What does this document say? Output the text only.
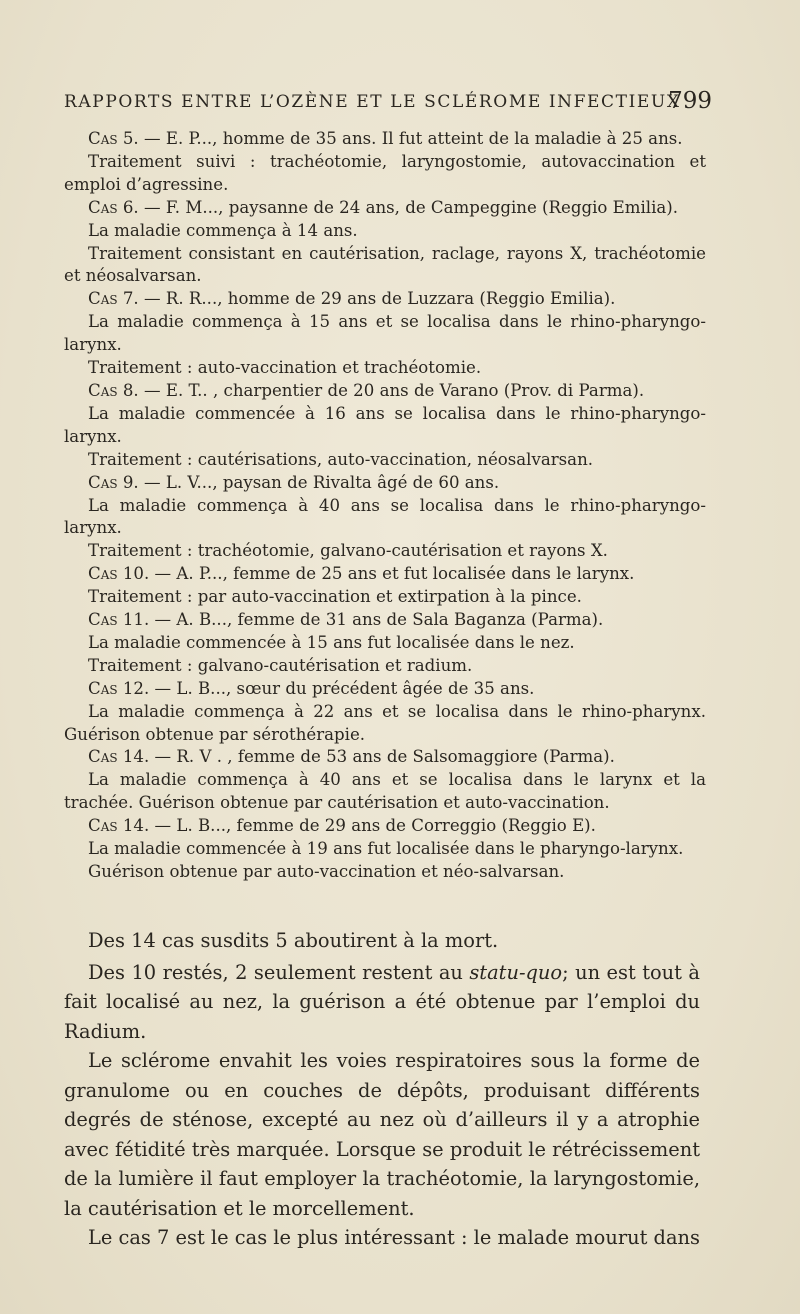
RAPPORTS ENTRE L’OZÈNE ET LE SCLÉROME INFECTIEUX
799

Cas 5. — E. P..., homme de 35 ans. Il fut atteint de la maladie à 25 ans.

Traitement suivi : trachéotomie, laryngostomie, autovaccination et emploi d’agressine.

Cas 6. — F. M..., paysanne de 24 ans, de Campeggine (Reggio Emilia).

La maladie commença à 14 ans.

Traitement consistant en cautérisation, raclage, rayons X, trachéotomie et néosalvarsan.

Cas 7. — R. R..., homme de 29 ans de Luzzara (Reggio Emilia).

La maladie commença à 15 ans et se localisa dans le rhino-pharyngo-larynx.

Traitement : auto-vaccination et trachéotomie.

Cas 8. — E. T.. , charpentier de 20 ans de Varano (Prov. di Parma).

La maladie commencée à 16 ans se localisa dans le rhino-pharyngo-larynx.

Traitement : cautérisations, auto-vaccination, néosalvarsan.

Cas 9. — L. V..., paysan de Rivalta âgé de 60 ans.

La maladie commença à 40 ans se localisa dans le rhino-pharyngo-larynx.

Traitement : trachéotomie, galvano-cautérisation et rayons X.

Cas 10. — A. P..., femme de 25 ans et fut localisée dans le larynx.

Traitement : par auto-vaccination et extirpation à la pince.

Cas 11. — A. B..., femme de 31 ans de Sala Baganza (Parma).

La maladie commencée à 15 ans fut localisée dans le nez.

Traitement : galvano-cautérisation et radium.

Cas 12. — L. B..., sœur du précédent âgée de 35 ans.

La maladie commença à 22 ans et se localisa dans le rhino-pharynx. Guérison obtenue par sérothérapie.

Cas 14. — R. V . , femme de 53 ans de Salsomaggiore (Parma).

La maladie commença à 40 ans et se localisa dans le larynx et la trachée. Guérison obtenue par cautérisation et auto-vaccination.

Cas 14. — L. B..., femme de 29 ans de Correggio (Reggio E).

La maladie commencée à 19 ans fut localisée dans le pharyngo-larynx.

Guérison obtenue par auto-vaccination et néo-salvarsan.

Des 14 cas susdits 5 aboutirent à la mort.

Des 10 restés, 2 seulement restent au statu-quo; un est tout à fait localisé au nez, la guérison a été obtenue par l’emploi du Radium.

Le sclérome envahit les voies respiratoires sous la forme de granulome ou en couches de dépôts, produisant différents degrés de sténose, excepté au nez où d’ailleurs il y a atrophie avec fétidité très marquée. Lorsque se produit le rétrécissement de la lumière il faut employer la trachéotomie, la laryngostomie, la cautérisation et le morcellement.

Le cas 7 est le cas le plus intéressant : le malade mourut dans
